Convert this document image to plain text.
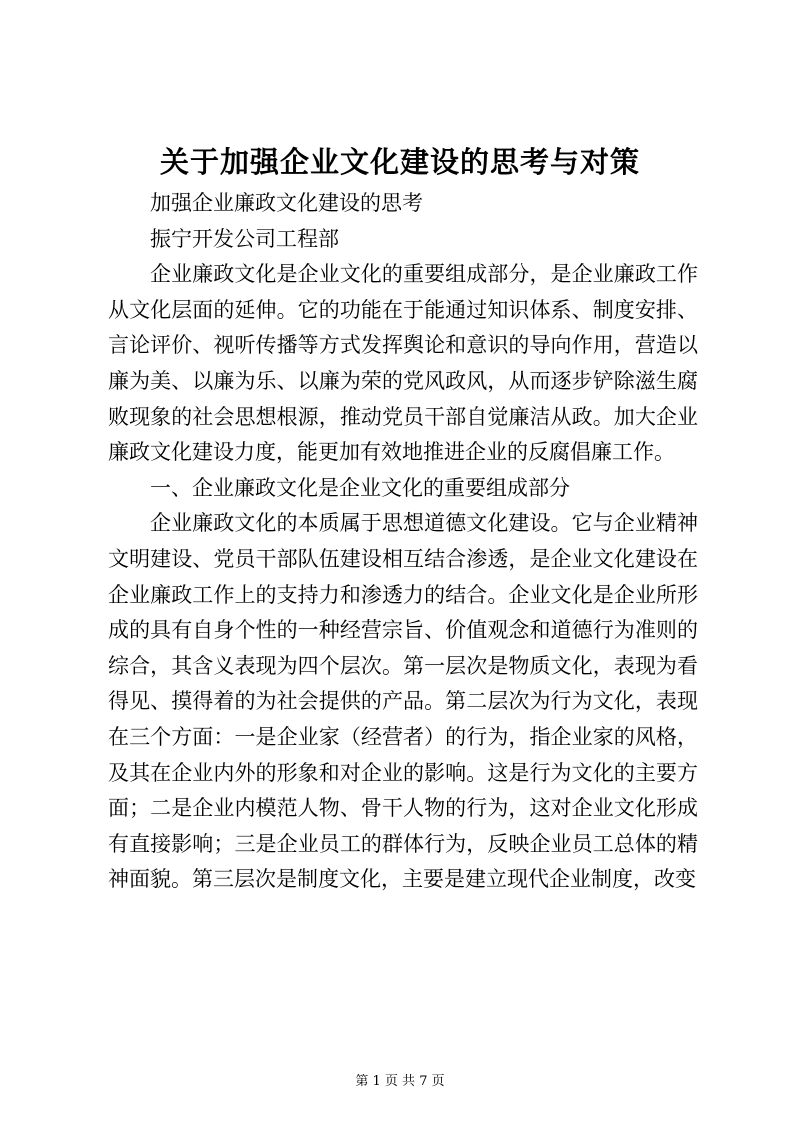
关于加强企业文化建设的思考与对策

加强企业廉政文化建设的思考

振宁开发公司工程部

企业廉政文化是企业文化的重要组成部分，是企业廉政工作从文化层面的延伸。它的功能在于能通过知识体系、制度安排、言论评价、视听传播等方式发挥舆论和意识的导向作用，营造以廉为美、以廉为乐、以廉为荣的党风政风，从而逐步铲除滋生腐败现象的社会思想根源，推动党员干部自觉廉洁从政。加大企业廉政文化建设力度，能更加有效地推进企业的反腐倡廉工作。

一、企业廉政文化是企业文化的重要组成部分

企业廉政文化的本质属于思想道德文化建设。它与企业精神文明建设、党员干部队伍建设相互结合渗透，是企业文化建设在企业廉政工作上的支持力和渗透力的结合。企业文化是企业所形成的具有自身个性的一种经营宗旨、价值观念和道德行为准则的综合，其含义表现为四个层次。第一层次是物质文化，表现为看得见、摸得着的为社会提供的产品。第二层次为行为文化，表现在三个方面：一是企业家（经营者）的行为，指企业家的风格，及其在企业内外的形象和对企业的影响。这是行为文化的主要方面；二是企业内模范人物、骨干人物的行为，这对企业文化形成有直接影响；三是企业员工的群体行为，反映企业员工总体的精神面貌。第三层次是制度文化，主要是建立现代企业制度，改变

第 1 页 共 7 页
